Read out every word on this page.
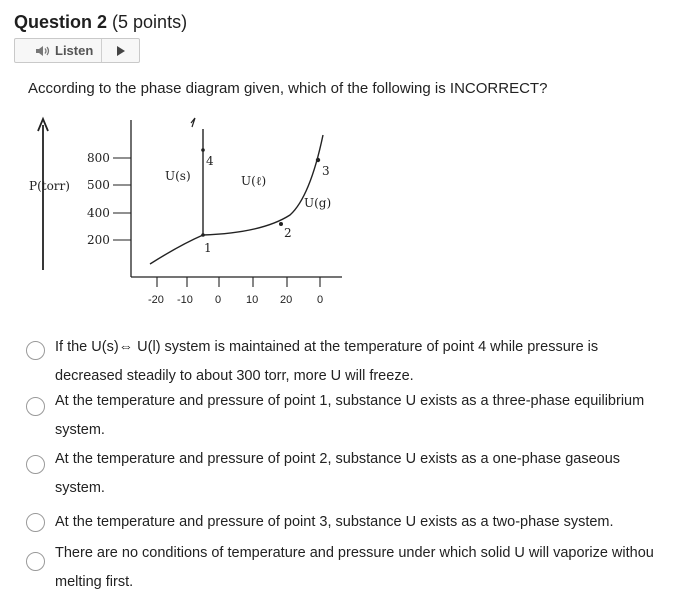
Question 2 (5 points)
Listen
According to the phase diagram given, which of the following is INCORRECT?
P(torr)
800
500
400
200
-20 -10 0 10 20 0
U(s)	U(ℓ)
U(g)
1
2
3
4
If the U(s)⇔ U(l) system is maintained at the temperature of point 4 while pressure is
decreased steadily to about 300 torr, more U will freeze.
At the temperature and pressure of point 1, substance U exists as a three-phase equilibrium
system.
At the temperature and pressure of point 2, substance U exists as a one-phase gaseous
system.
At the temperature and pressure of point 3, substance U exists as a two-phase system.
There are no conditions of temperature and pressure under which solid U will vaporize withou
melting first.
